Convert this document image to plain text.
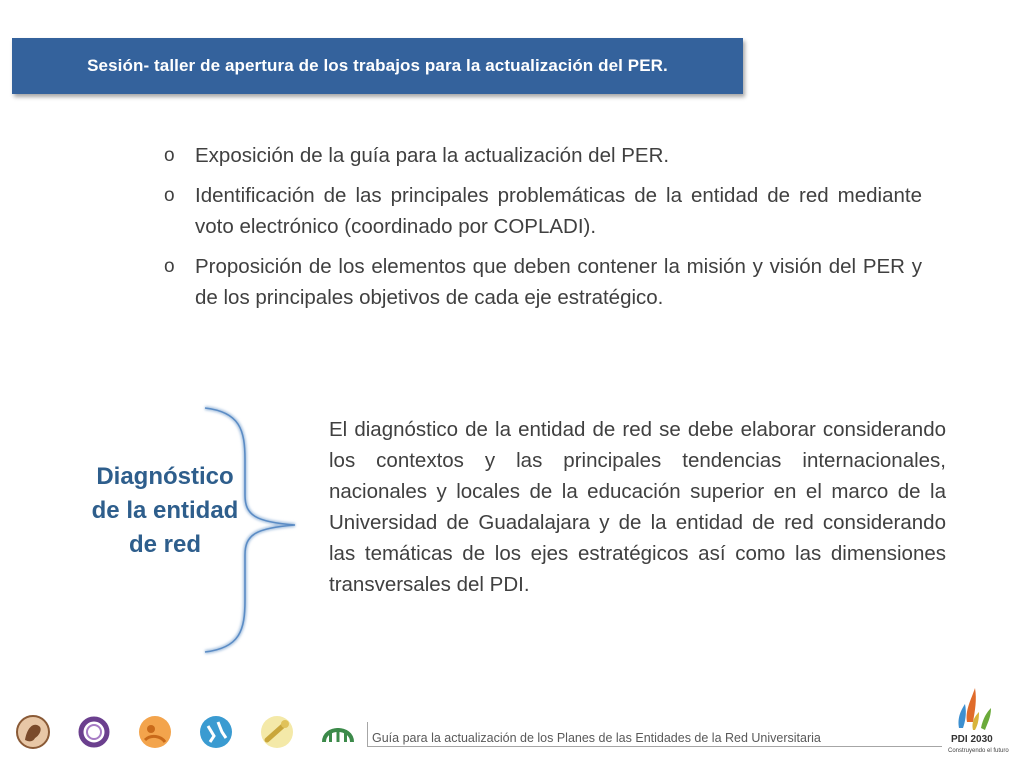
Sesión- taller de apertura de los trabajos para la actualización del PER.
o Exposición de la guía para la actualización del PER.
o Identificación de las principales problemáticas de la entidad de red mediante voto electrónico (coordinado por COPLADI).
o Proposición de los elementos que deben contener la misión y visión del PER y de los principales objetivos de cada eje estratégico.
Diagnóstico de la entidad de red
El diagnóstico de la entidad de red se debe elaborar considerando los contextos y las principales tendencias internacionales, nacionales y locales de la educación superior en el marco de la Universidad de Guadalajara y de la entidad de red considerando las temáticas de los ejes estratégicos así como las dimensiones transversales del PDI.
Guía para la actualización de los Planes de las Entidades de la Red Universitaria	PDI 2030
Construyendo el futuro
